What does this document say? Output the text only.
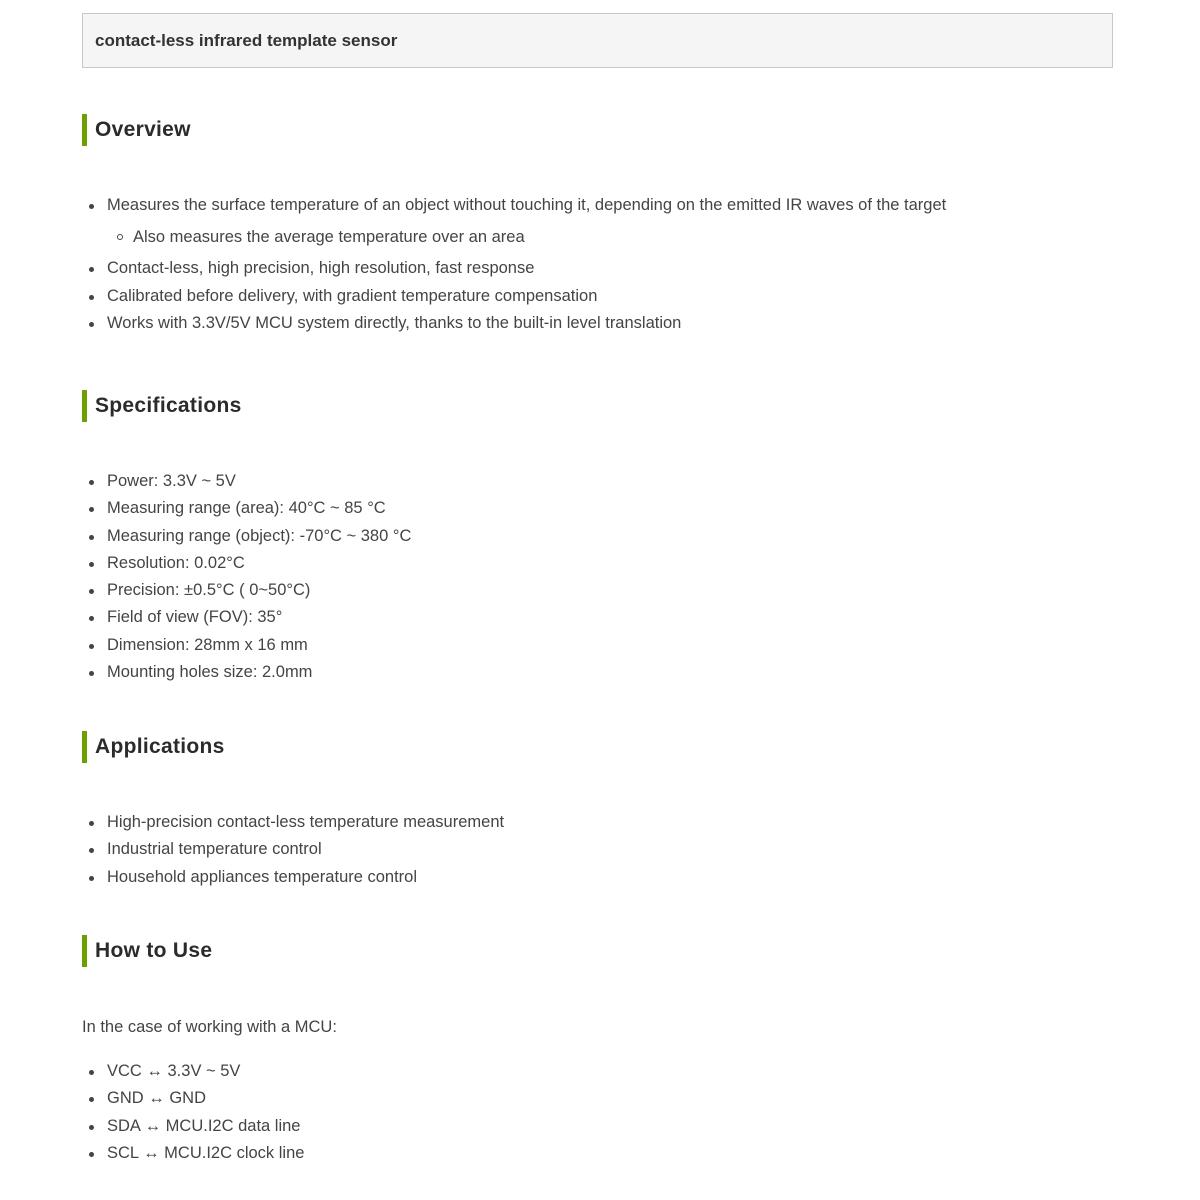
contact-less infrared template sensor
Overview
Measures the surface temperature of an object without touching it, depending on the emitted IR waves of the target
Also measures the average temperature over an area
Contact-less, high precision, high resolution, fast response
Calibrated before delivery, with gradient temperature compensation
Works with 3.3V/5V MCU system directly, thanks to the built-in level translation
Specifications
Power: 3.3V ~ 5V
Measuring range (area): 40°C ~ 85 °C
Measuring range (object): -70°C ~ 380 °C
Resolution: 0.02°C
Precision: ±0.5°C ( 0~50°C)
Field of view (FOV): 35°
Dimension: 28mm x 16 mm
Mounting holes size: 2.0mm
Applications
High-precision contact-less temperature measurement
Industrial temperature control
Household appliances temperature control
How to Use
In the case of working with a MCU:
VCC ↔ 3.3V ~ 5V
GND ↔ GND
SDA ↔ MCU.I2C data line
SCL ↔ MCU.I2C clock line
